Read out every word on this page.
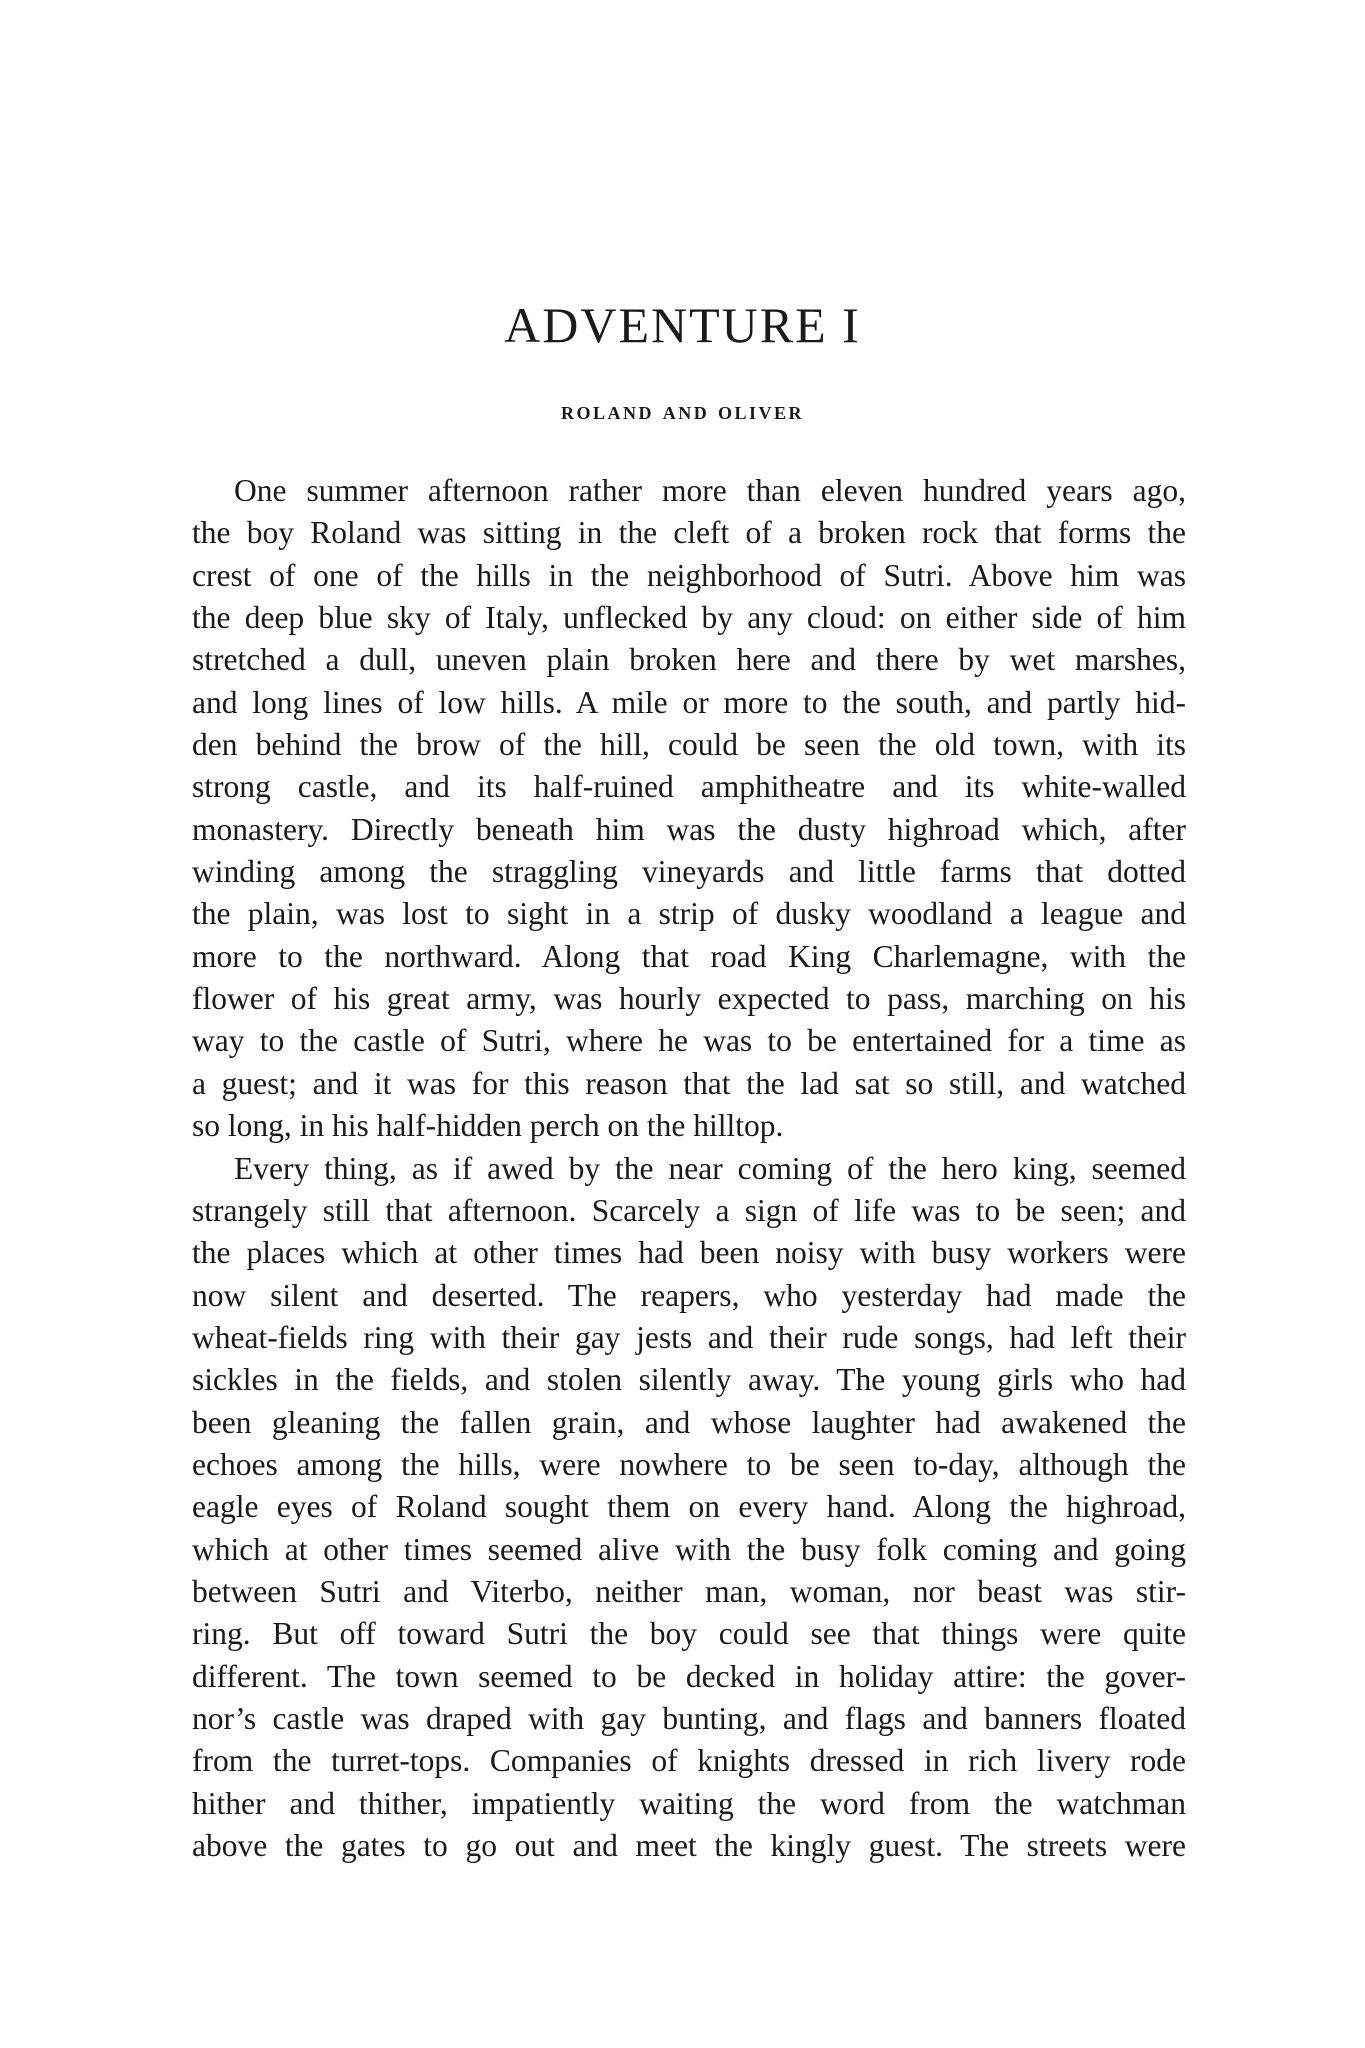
ADVENTURE I
roland and oliver
One summer afternoon rather more than eleven hundred years ago,
the boy Roland was sitting in the cleft of a broken rock that forms the
crest of one of the hills in the neighborhood of Sutri. Above him was
the deep blue sky of Italy, unflecked by any cloud: on either side of him
stretched a dull, uneven plain broken here and there by wet marshes,
and long lines of low hills. A mile or more to the south, and partly hid-
den behind the brow of the hill, could be seen the old town, with its
strong castle, and its half-ruined amphitheatre and its white-walled
monastery. Directly beneath him was the dusty highroad which, after
winding among the straggling vineyards and little farms that dotted
the plain, was lost to sight in a strip of dusky woodland a league and
more to the northward. Along that road King Charlemagne, with the
flower of his great army, was hourly expected to pass, marching on his
way to the castle of Sutri, where he was to be entertained for a time as
a guest; and it was for this reason that the lad sat so still, and watched
so long, in his half-hidden perch on the hilltop.
Every thing, as if awed by the near coming of the hero king, seemed
strangely still that afternoon. Scarcely a sign of life was to be seen; and
the places which at other times had been noisy with busy workers were
now silent and deserted. The reapers, who yesterday had made the
wheat-fields ring with their gay jests and their rude songs, had left their
sickles in the fields, and stolen silently away. The young girls who had
been gleaning the fallen grain, and whose laughter had awakened the
echoes among the hills, were nowhere to be seen to-day, although the
eagle eyes of Roland sought them on every hand. Along the highroad,
which at other times seemed alive with the busy folk coming and going
between Sutri and Viterbo, neither man, woman, nor beast was stir-
ring. But off toward Sutri the boy could see that things were quite
different. The town seemed to be decked in holiday attire: the gover-
nor’s castle was draped with gay bunting, and flags and banners floated
from the turret-tops. Companies of knights dressed in rich livery rode
hither and thither, impatiently waiting the word from the watchman
above the gates to go out and meet the kingly guest. The streets were
